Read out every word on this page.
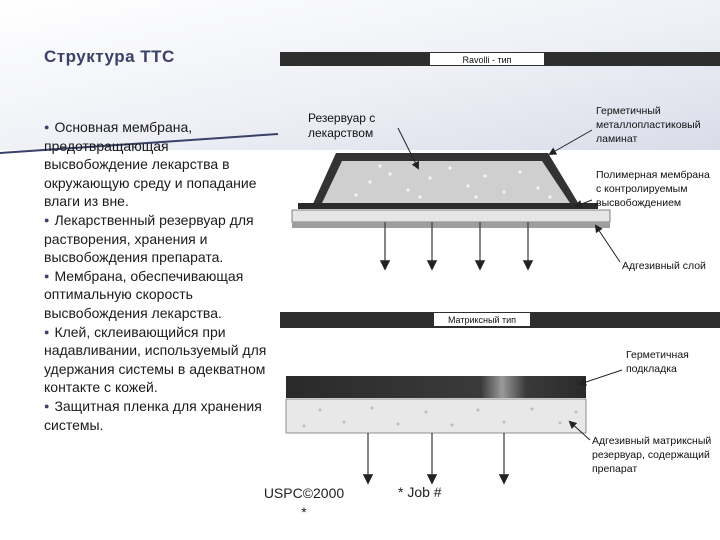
Структура ТТС

● Основная мембрана, предотвращающая высвобождение лекарства в окружающую среду и попадание влаги из вне.

● Лекарственный резервуар для растворения, хранения и высвобождения препарата.

● Мембрана, обеспечивающая оптимальную скорость высвобождения лекарства.

● Клей, склеивающийся при надавливании, используемый для удержания системы в адекватном контакте с кожей.

● Защитная пленка для хранения системы.

Ravolli - тип
Резервуар с
лекарством
Герметичный
металлопластиковый
ламинат
Полимерная мембрана
с контролируемым
высвобождением
Адгезивный слой
Матриксный тип
Герметичная
подкладка
Адгезивный матриксный
резервуар, содержащий
препарат
USPC©2000
*
* Job #
